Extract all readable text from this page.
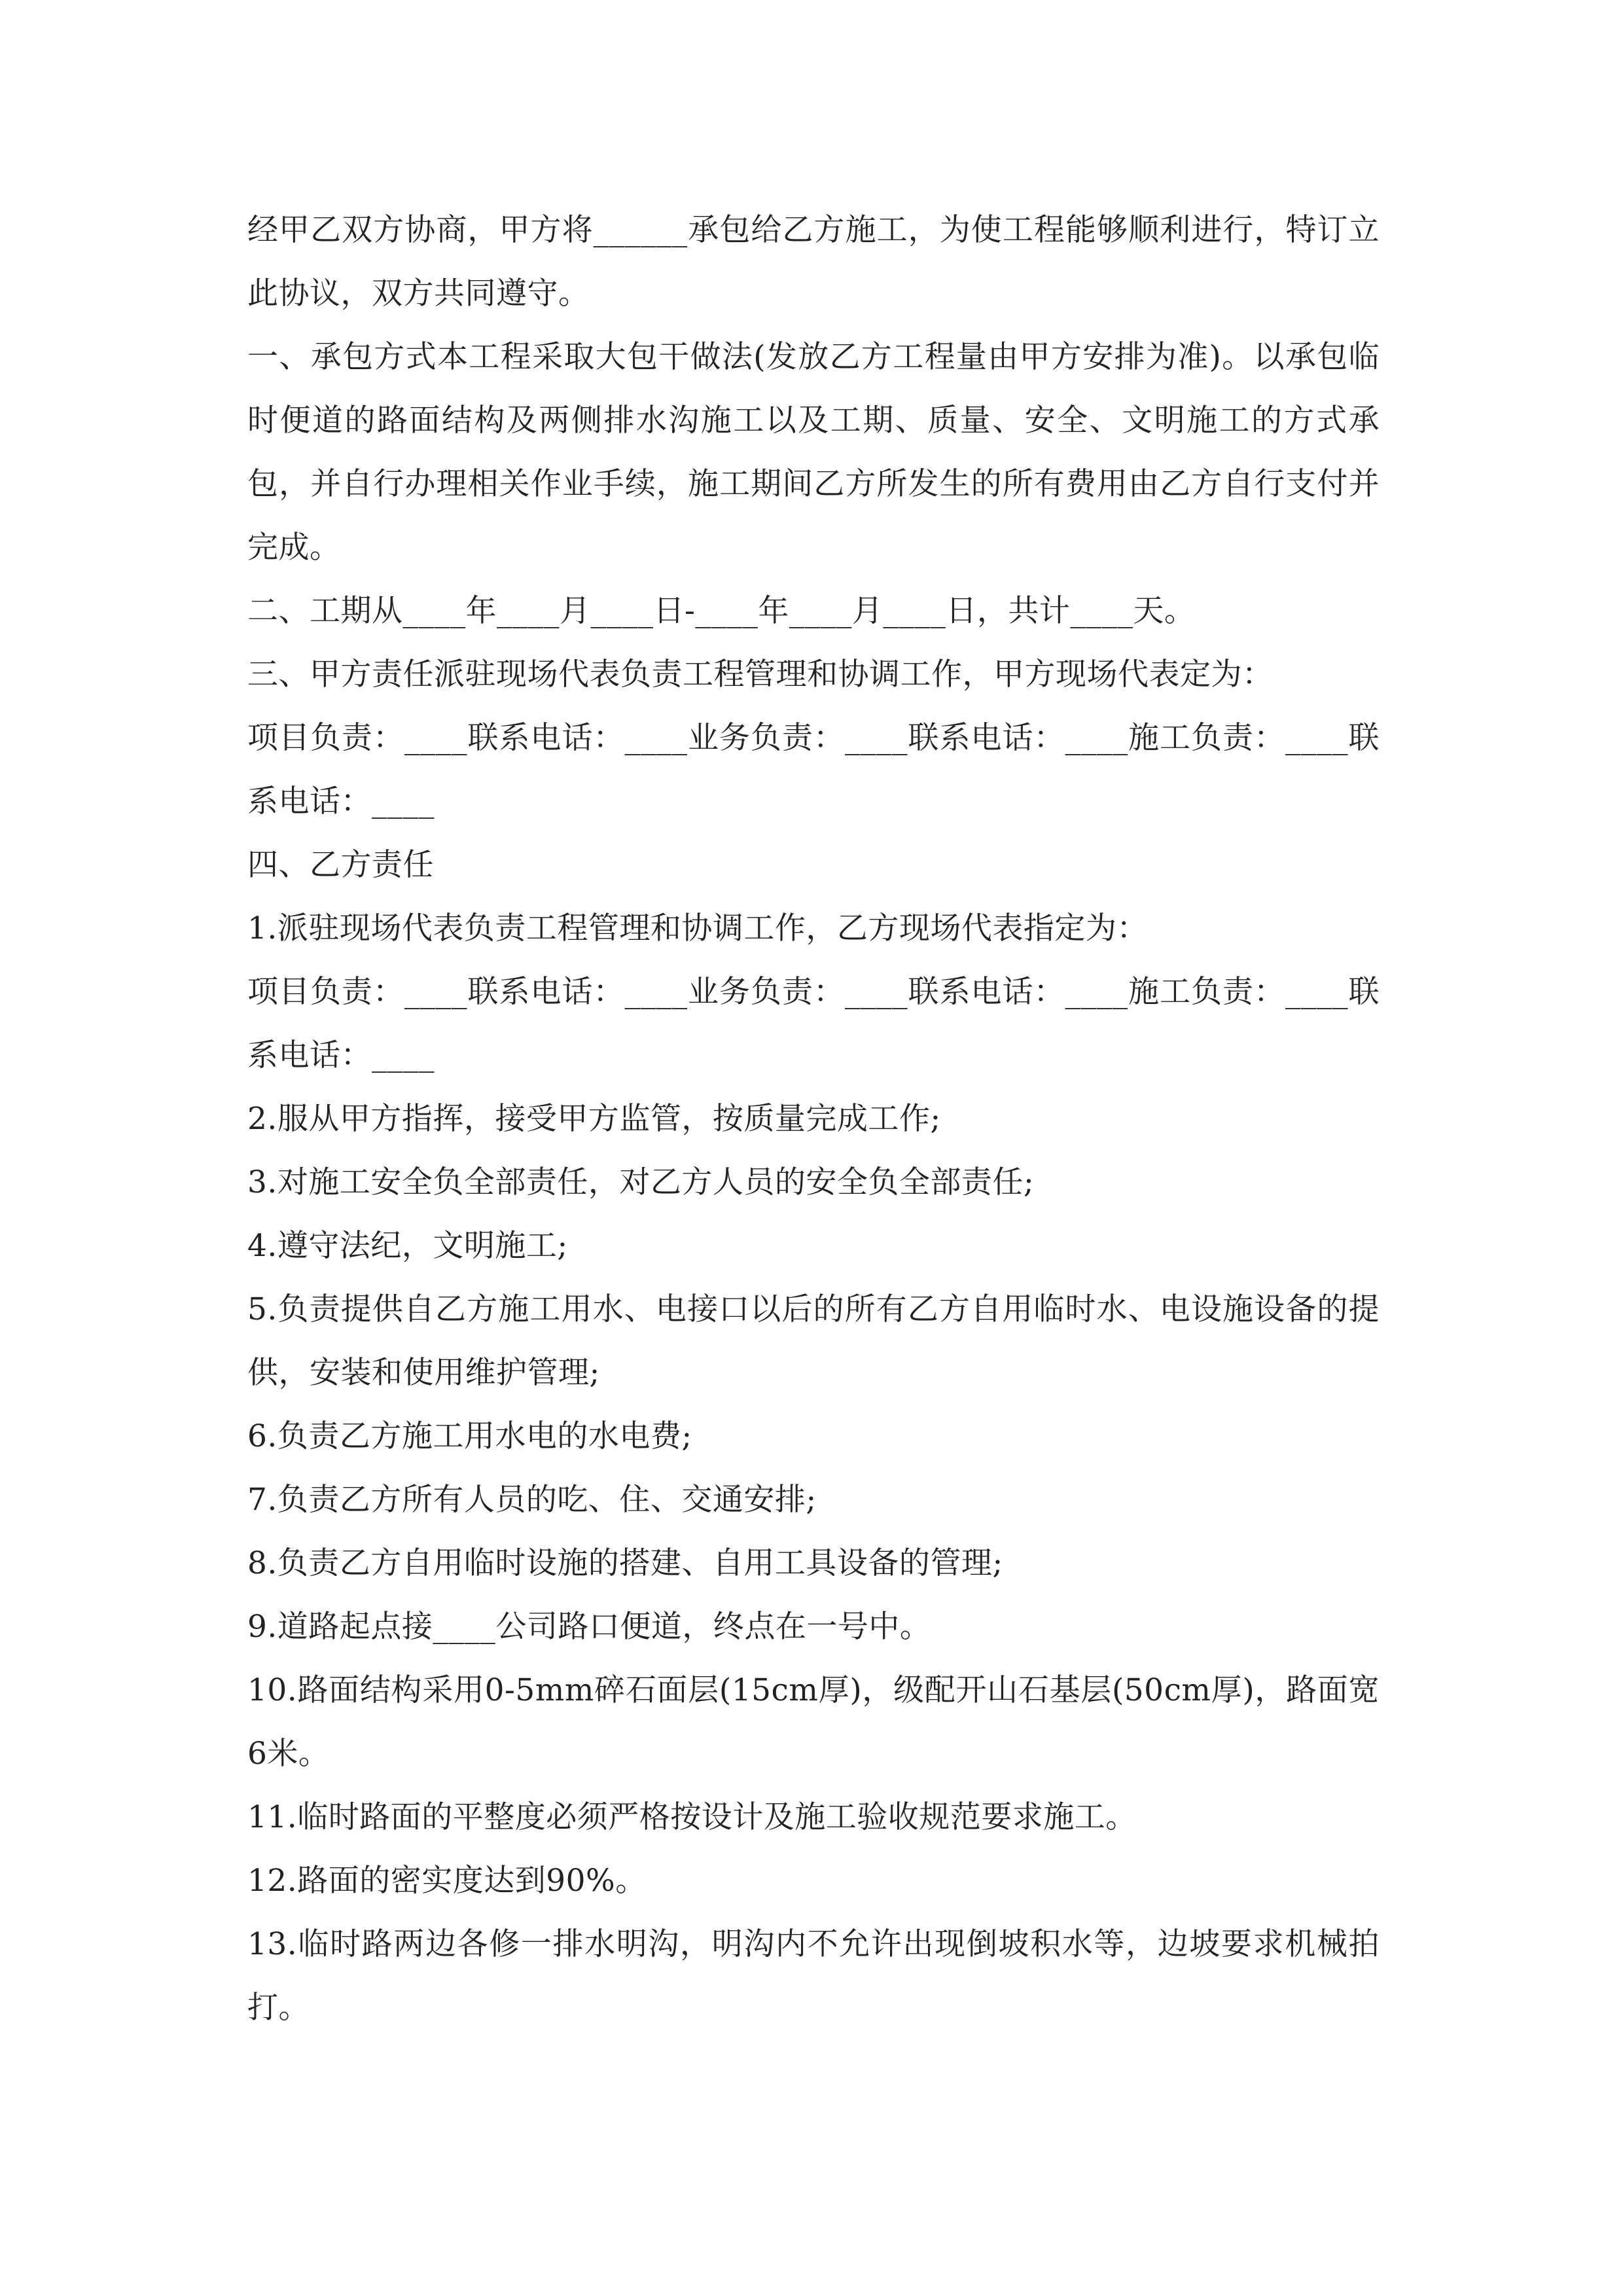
经甲乙双方协商，甲方将______承包给乙方施工，为使工程能够顺利进行，特订立此协议，双方共同遵守。

一、承包方式本工程采取大包干做法(发放乙方工程量由甲方安排为准)。以承包临时便道的路面结构及两侧排水沟施工以及工期、质量、安全、文明施工的方式承包，并自行办理相关作业手续，施工期间乙方所发生的所有费用由乙方自行支付并完成。

二、工期从____年____月____日-____年____月____日，共计____天。

三、甲方责任派驻现场代表负责工程管理和协调工作，甲方现场代表定为：

项目负责：____联系电话：____业务负责：____联系电话：____施工负责：____联系电话：____

四、乙方责任

1.派驻现场代表负责工程管理和协调工作，乙方现场代表指定为：

项目负责：____联系电话：____业务负责：____联系电话：____施工负责：____联系电话：____

2.服从甲方指挥，接受甲方监管，按质量完成工作;

3.对施工安全负全部责任，对乙方人员的安全负全部责任;

4.遵守法纪，文明施工;

5.负责提供自乙方施工用水、电接口以后的所有乙方自用临时水、电设施设备的提供，安装和使用维护管理;

6.负责乙方施工用水电的水电费;

7.负责乙方所有人员的吃、住、交通安排;

8.负责乙方自用临时设施的搭建、自用工具设备的管理;

9.道路起点接____公司路口便道，终点在一号中。

10.路面结构采用0-5mm碎石面层(15cm厚)，级配开山石基层(50cm厚)，路面宽6米。

11.临时路面的平整度必须严格按设计及施工验收规范要求施工。

12.路面的密实度达到90%。

13.临时路两边各修一排水明沟，明沟内不允许出现倒坡积水等，边坡要求机械拍打。
